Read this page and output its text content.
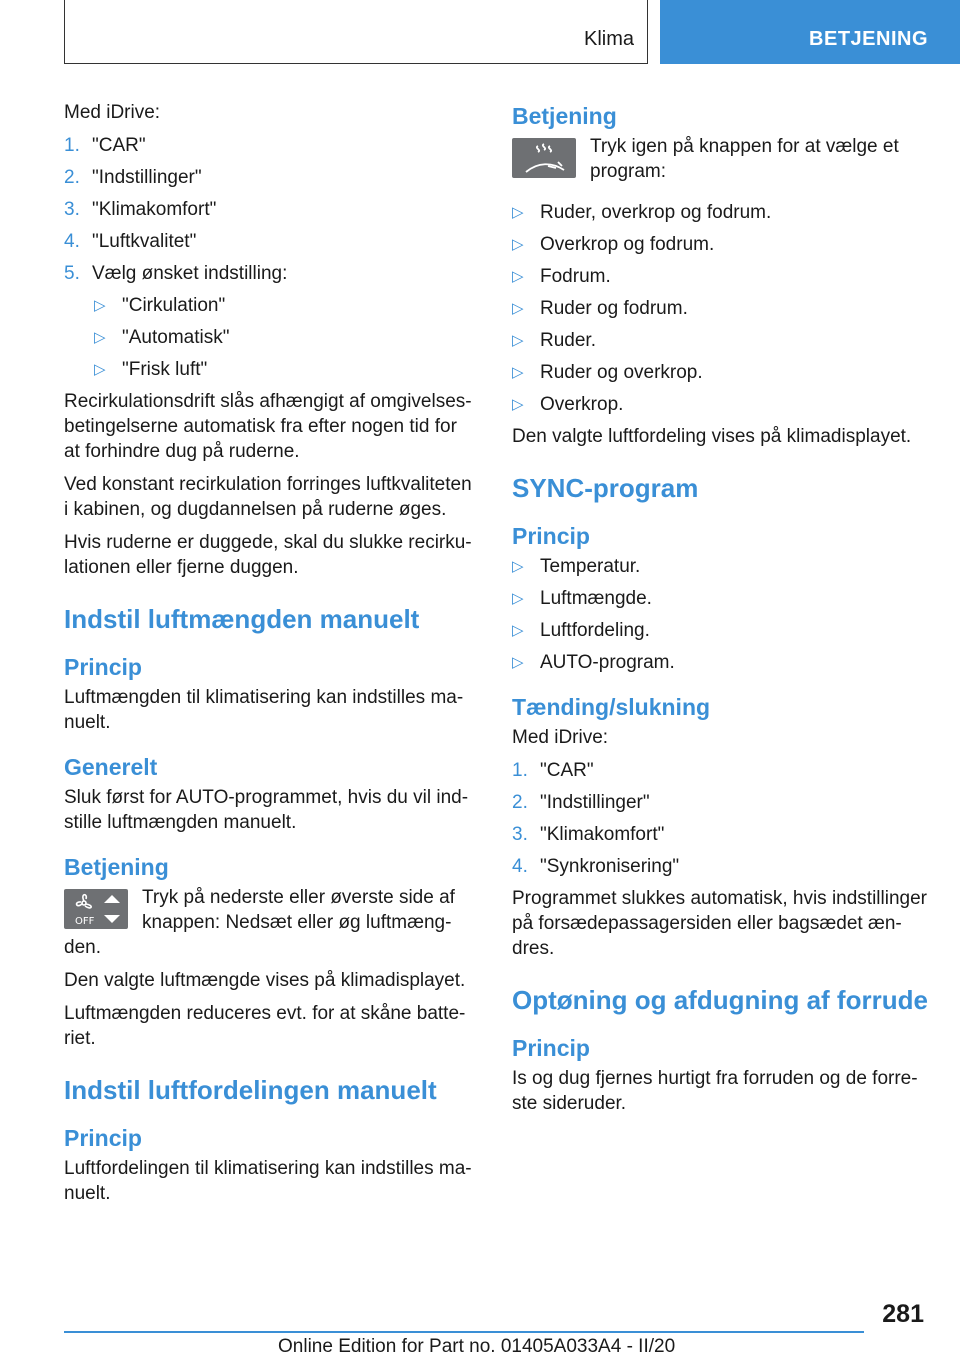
Klima	BETJENING

Med iDrive:

1. "CAR"
2. "Indstillinger"
3. "Klimakomfort"
4. "Luftkvalitet"
5. Vælg ønsket indstilling:
▷ "Cirkulation"
▷ "Automatisk"
▷ "Frisk luft"

Recirkulationsdrift slås afhængigt af omgivelses-betingelserne automatisk fra efter nogen tid for at forhindre dug på ruderne.

Ved konstant recirkulation forringes luftkvaliteten i kabinen, og dugdannelsen på ruderne øges.

Hvis ruderne er duggede, skal du slukke recirku-lationen eller fjerne duggen.

Indstil luftmængden manuelt
Princip

Luftmængden til klimatisering kan indstilles ma-nuelt.

Generelt

Sluk først for AUTO-programmet, hvis du vil ind-stille luftmængden manuelt.

Betjening
OFF

Tryk på nederste eller øverste side af knappen: Nedsæt eller øg luftmæng-den.

Den valgte luftmængde vises på klimadisplayet.

Luftmængden reduceres evt. for at skåne batte-riet.

Indstil luftfordelingen manuelt
Princip

Luftfordelingen til klimatisering kan indstilles ma-nuelt.

Betjening

Tryk igen på knappen for at vælge et program:

▷ Ruder, overkrop og fodrum.
▷ Overkrop og fodrum.
▷ Fodrum.
▷ Ruder og fodrum.
▷ Ruder.
▷ Ruder og overkrop.
▷ Overkrop.

Den valgte luftfordeling vises på klimadisplayet.

SYNC-program
Princip
▷ Temperatur.
▷ Luftmængde.
▷ Luftfordeling.
▷ AUTO-program.
Tænding/slukning

Med iDrive:

1. "CAR"
2. "Indstillinger"
3. "Klimakomfort"
4. "Synkronisering"

Programmet slukkes automatisk, hvis indstillinger på forsædepassagersiden eller bagsædet æn-dres.

Optøning og afdugning af forrude
Princip

Is og dug fjernes hurtigt fra forruden og de forre-ste sideruder.

281
Online Edition for Part no. 01405A033A4 - II/20
